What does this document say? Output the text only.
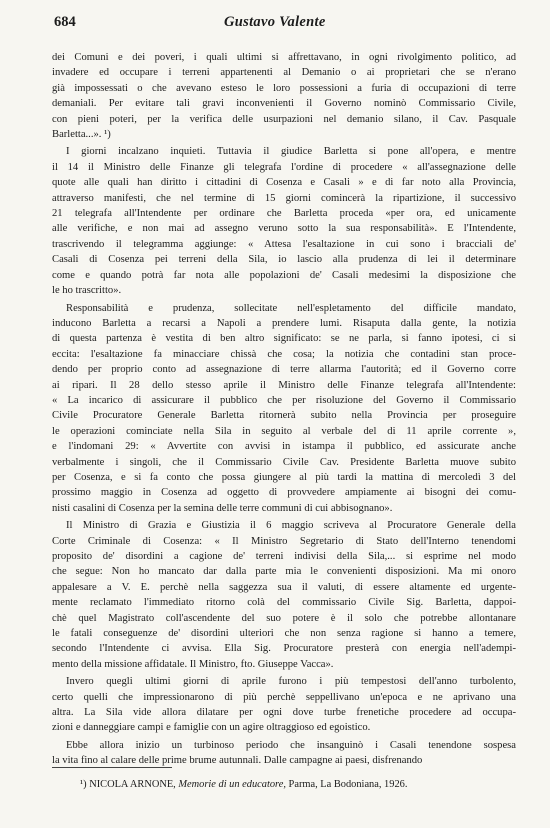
684	Gustavo Valente
dei Comuni e dei poveri, i quali ultimi si affrettavano, in ogni rivolgimento politico, ad
invadere ed occupare i terreni appartenenti al Demanio o ai proprietari che se n'erano
già impossessati o che avevano esteso le loro possessioni a furia di occupazioni di terre
demaniali. Per evitare tali gravi inconvenienti il Governo nominò Commissario Civile,
con pieni poteri, per la verifica delle usurpazioni nel demanio silano, il Cav. Pasquale
Barletta...». ¹)
I giorni incalzano inquieti. Tuttavia il giudice Barletta si pone all'opera, e mentre
il 14 il Ministro delle Finanze gli telegrafa l'ordine di procedere « all'assegnazione delle
quote alle quali han diritto i cittadini di Cosenza e Casali » e di far noto alla Provincia,
attraverso manifesti, che nel termine di 15 giorni comincerà la ripartizione, il successivo
21 telegrafa all'Intendente per ordinare che Barletta proceda «per ora, ed unicamente
alle verifiche, e non mai ad assegno veruno sotto la sua responsabilità». E l'Intendente,
trascrivendo il telegramma aggiunge: « Attesa l'esaltazione in cui sono i bracciali de'
Casali di Cosenza pei terreni della Sila, io lascio alla prudenza di lei il determinare
come e quando potrà far nota alle popolazioni de' Casali medesimi la disposizione che
le ho trascritto».
Responsabilità e prudenza, sollecitate nell'espletamento del difficile mandato,
inducono Barletta a recarsi a Napoli a prendere lumi. Risaputa dalla gente, la notizia
di questa partenza è vestita di ben altro significato: se ne parla, si fanno ipotesi, ci si
eccita: l'esaltazione fa minacciare chissà che cosa; la notizia che contadini stan proce-
dendo per proprio conto ad assegnazione di terre allarma l'autorità; ed il Governo corre
ai ripari. Il 28 dello stesso aprile il Ministro delle Finanze telegrafa all'Intendente:
« La incarico di assicurare il pubblico che per risoluzione del Governo il Commissario
Civile Procuratore Generale Barletta ritornerà subito nella Provincia per proseguire
le operazioni cominciate nella Sila in seguito al verbale del di 11 aprile corrente »,
e l'indomani 29: « Avvertite con avvisi in istampa il pubblico, ed assicurate anche
verbalmente i singoli, che il Commissario Civile Cav. Presidente Barletta muove subito
per Cosenza, e si fa conto che possa giungere al più tardi la mattina di mercoledì 3 del
prossimo maggio in Cosenza ad oggetto di provvedere ampiamente ai bisogni dei comu-
nisti casalini di Cosenza per la semina delle terre communi di cui abbisognano».
Il Ministro di Grazia e Giustizia il 6 maggio scriveva al Procuratore Generale della
Corte Criminale di Cosenza: « Il Ministro Segretario di Stato dell'Interno tenendomi
proposito de' disordini a cagione de' terreni indivisi della Sila,... si esprime nel modo
che segue: Non ho mancato dar dalla parte mia le convenienti disposizioni. Ma mi onoro
appalesare a V. E. perchè nella saggezza sua il valuti, di essere altamente ed urgente-
mente reclamato l'immediato ritorno colà del commissario Civile Sig. Barletta, dappoi-
chè quel Magistrato coll'ascendente del suo potere è il solo che potrebbe allontanare
le fatali conseguenze de' disordini ulteriori che non senza ragione si hanno a temere,
secondo l'Intendente ci avvisa. Ella Sig. Procuratore presterà con energia nell'adempi-
mento della missione affidatale. Il Ministro, fto. Giuseppe Vacca».
Invero quegli ultimi giorni di aprile furono i più tempestosi dell'anno turbolento,
certo quelli che impressionarono di più perchè seppellivano un'epoca e ne aprivano una
altra. La Sila vide allora dilatare per ogni dove turbe frenetiche procedere ad occupa-
zioni e danneggiare campi e famiglie con un agire oltraggioso ed egoistico.
Ebbe allora inizio un turbinoso periodo che insanguinò i Casali tenendone sospesa
la vita fino al calare delle prime brume autunnali. Dalle campagne ai paesi, disfrenando
¹) NICOLA ARNONE, Memorie di un educatore, Parma, La Bodoniana, 1926.
